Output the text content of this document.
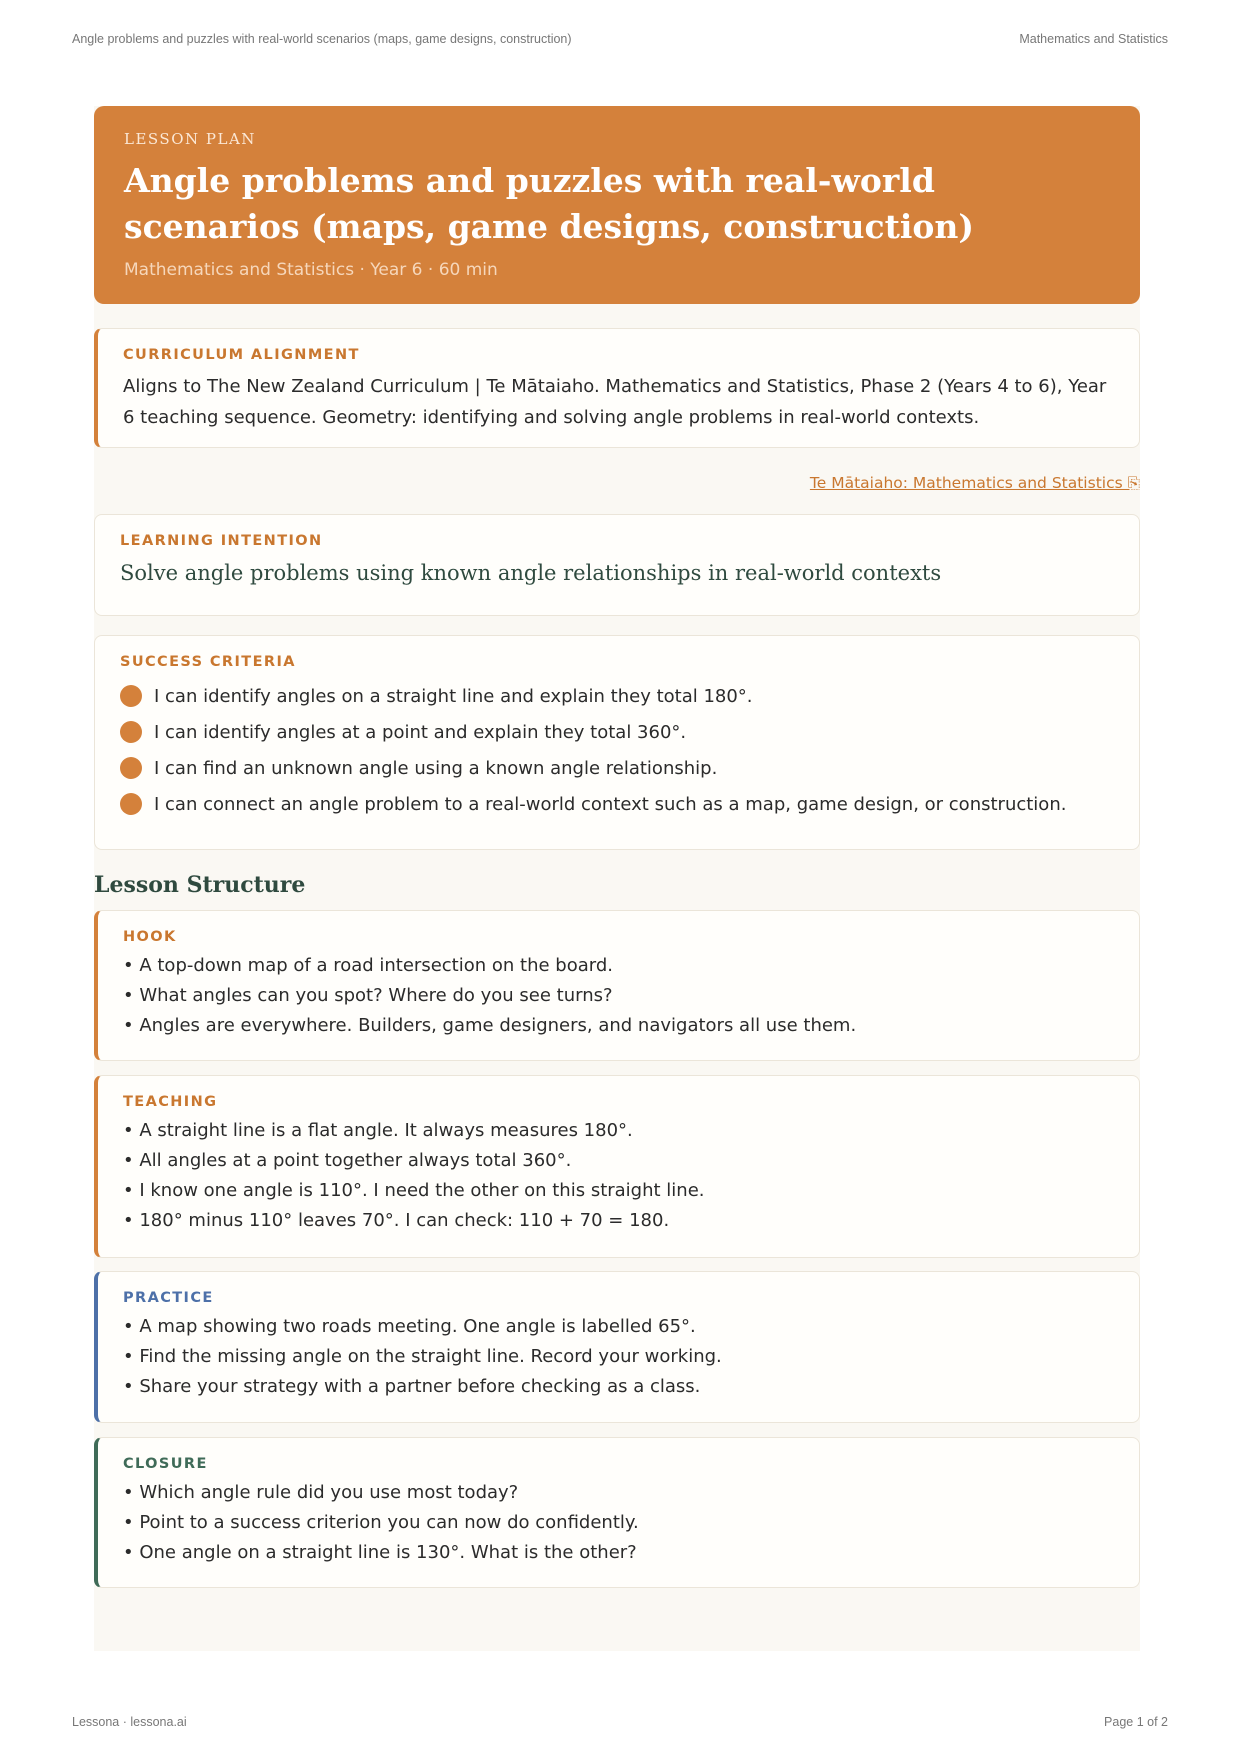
Angle problems and puzzles with real-world scenarios (maps, game designs, construction)	Mathematics and Statistics
LESSON PLAN
Angle problems and puzzles with real-world scenarios (maps, game designs, construction)
Mathematics and Statistics · Year 6 · 60 min
CURRICULUM ALIGNMENT
Aligns to The New Zealand Curriculum | Te Mātaiaho. Mathematics and Statistics, Phase 2 (Years 4 to 6), Year 6 teaching sequence. Geometry: identifying and solving angle problems in real-world contexts.
Te Mātaiaho: Mathematics and Statistics ⎘
LEARNING INTENTION
Solve angle problems using known angle relationships in real-world contexts
SUCCESS CRITERIA
I can identify angles on a straight line and explain they total 180°.
I can identify angles at a point and explain they total 360°.
I can find an unknown angle using a known angle relationship.
I can connect an angle problem to a real-world context such as a map, game design, or construction.
Lesson Structure
HOOK
• A top-down map of a road intersection on the board.
• What angles can you spot? Where do you see turns?
• Angles are everywhere. Builders, game designers, and navigators all use them.
TEACHING
• A straight line is a flat angle. It always measures 180°.
• All angles at a point together always total 360°.
• I know one angle is 110°. I need the other on this straight line.
• 180° minus 110° leaves 70°. I can check: 110 + 70 = 180.
PRACTICE
• A map showing two roads meeting. One angle is labelled 65°.
• Find the missing angle on the straight line. Record your working.
• Share your strategy with a partner before checking as a class.
CLOSURE
• Which angle rule did you use most today?
• Point to a success criterion you can now do confidently.
• One angle on a straight line is 130°. What is the other?
Lessona · lessona.ai	Page 1 of 2
